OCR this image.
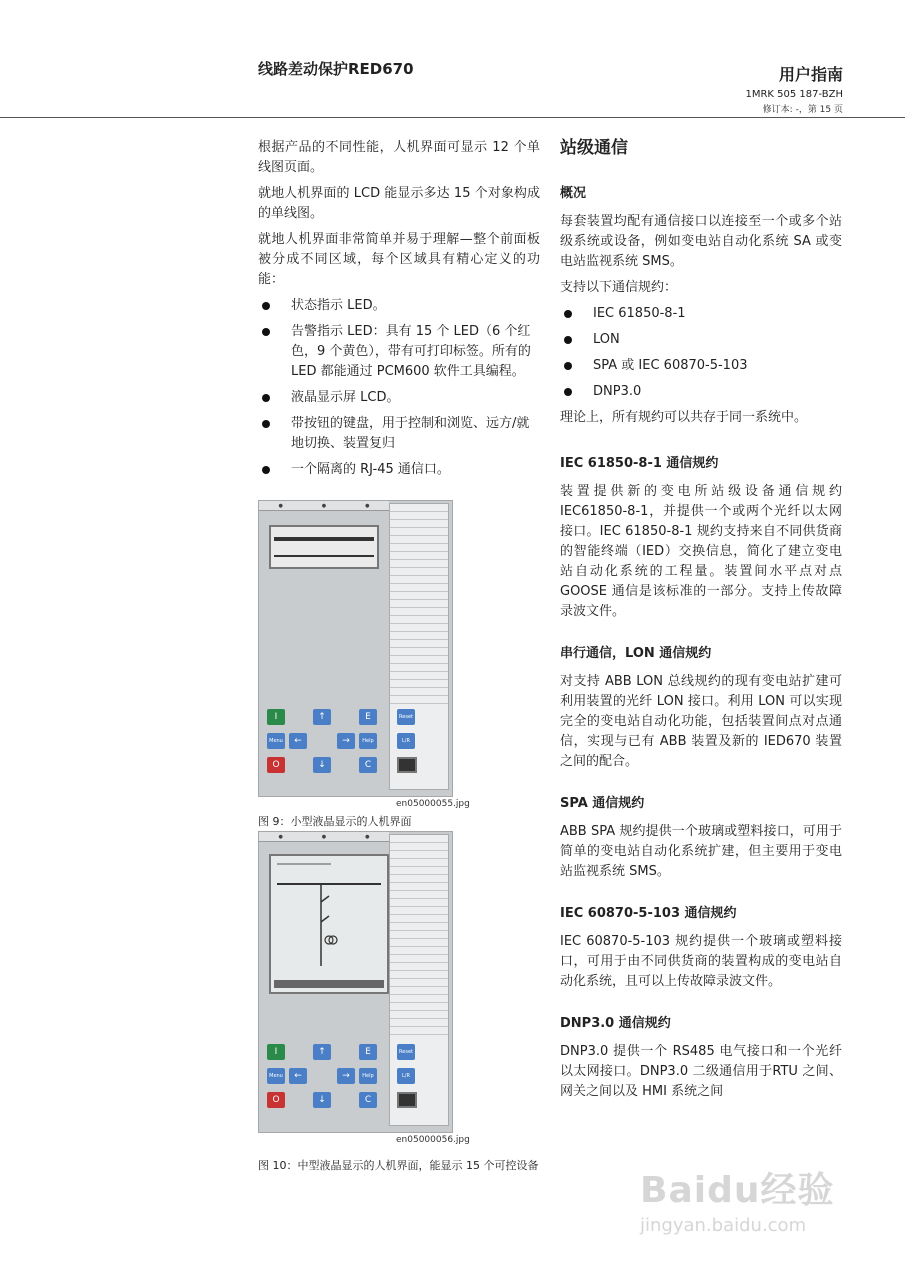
线路差动保护RED670	用户指南
1MRK 505 187-BZH
修订本: -，第 15 页

根据产品的不同性能，人机界面可显示 12 个单线图页面。

就地人机界面的 LCD 能显示多达 15 个对象构成的单线图。

就地人机界面非常简单并易于理解—整个前面板被分成不同区域，每个区域具有精心定义的功能：

状态指示 LED。
告警指示 LED：具有 15 个 LED（6 个红色，9 个黄色），带有可打印标签。所有的 LED 都能通过 PCM600 软件工具编程。
液晶显示屏 LCD。
带按钮的键盘，用于控制和浏览、远方/就地切换、装置复归
一个隔离的 RJ-45 通信口。
●	●	●
I	↑	E
Menu	←	→	Help
O	↓	C
Reset
L/R
en05000055.jpg
图 9：小型液晶显示的人机界面
●	●	●
I	↑	E
Menu	←	→	Help
O	↓	C
Reset
L/R
en05000056.jpg
图 10：中型液晶显示的人机界面，能显示 15 个可控设备
站级通信
概况

每套装置均配有通信接口以连接至一个或多个站级系统或设备，例如变电站自动化系统 SA 或变电站监视系统 SMS。

支持以下通信规约：

IEC 61850-8-1
LON
SPA 或 IEC 60870-5-103
DNP3.0

理论上，所有规约可以共存于同一系统中。

IEC 61850-8-1 通信规约

装置提供新的变电所站级设备通信规约IEC61850-8-1，并提供一个或两个光纤以太网接口。IEC 61850-8-1 规约支持来自不同供货商的智能终端（IED）交换信息，简化了建立变电站自动化系统的工程量。装置间水平点对点 GOOSE 通信是该标准的一部分。支持上传故障录波文件。

串行通信，LON 通信规约

对支持 ABB LON 总线规约的现有变电站扩建可利用装置的光纤 LON 接口。利用 LON 可以实现完全的变电站自动化功能，包括装置间点对点通信，实现与已有 ABB 装置及新的 IED670 装置之间的配合。

SPA 通信规约

ABB SPA 规约提供一个玻璃或塑料接口，可用于简单的变电站自动化系统扩建，但主要用于变电站监视系统 SMS。

IEC 60870-5-103 通信规约

IEC 60870-5-103 规约提供一个玻璃或塑料接口，可用于由不同供货商的装置构成的变电站自动化系统，且可以上传故障录波文件。

DNP3.0 通信规约

DNP3.0 提供一个 RS485 电气接口和一个光纤以太网接口。DNP3.0 二级通信用于RTU 之间、网关之间以及 HMI 系统之间

Baidu经验
jingyan.baidu.com
